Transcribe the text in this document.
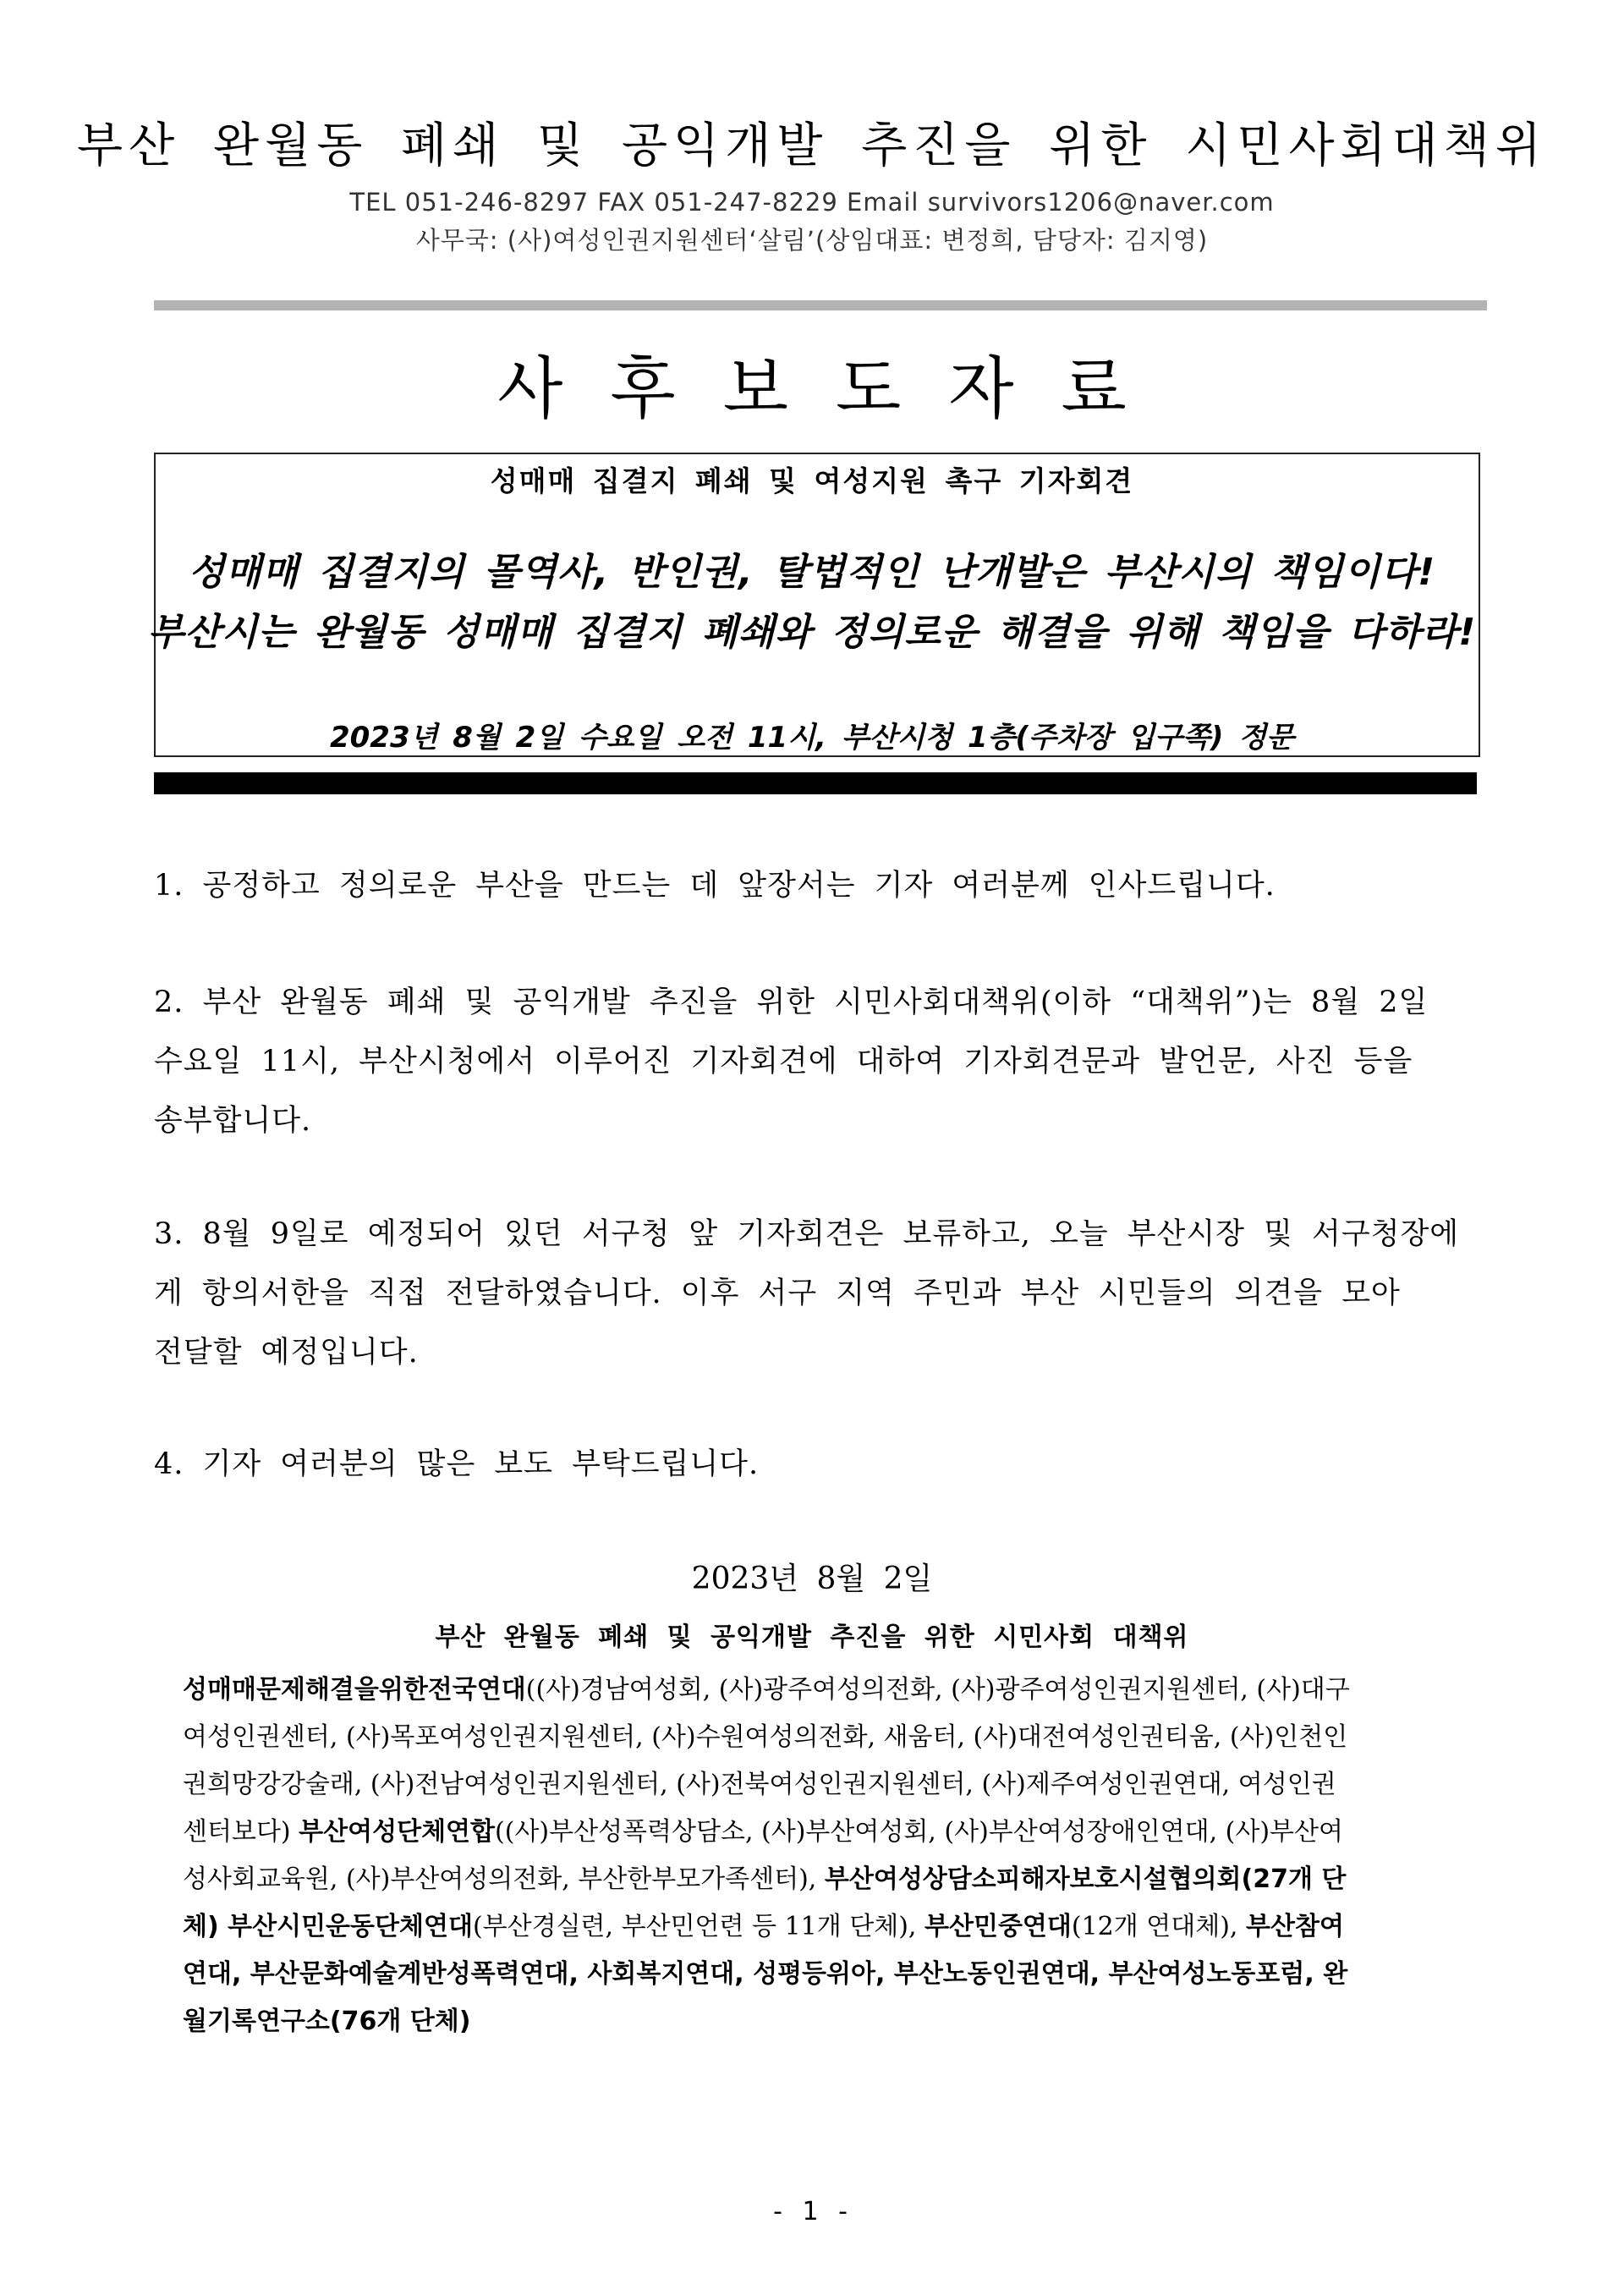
부산 완월동 폐쇄 및 공익개발 추진을 위한 시민사회대책위
TEL 051-246-8297 FAX 051-247-8229 Email survivors1206@naver.com
사무국: (사)여성인권지원센터‘살림’(상임대표: 변정희, 담당자: 김지영)
사후보도자료
성매매 집결지 폐쇄 및 여성지원 촉구 기자회견
성매매 집결지의 몰역사, 반인권, 탈법적인 난개발은 부산시의 책임이다!
부산시는 완월동 성매매 집결지 폐쇄와 정의로운 해결을 위해 책임을 다하라!
2023년 8월 2일 수요일 오전 11시, 부산시청 1층(주차장 입구쪽) 정문
1. 공정하고 정의로운 부산을 만드는 데 앞장서는 기자 여러분께 인사드립니다.
2. 부산 완월동 폐쇄 및 공익개발 추진을 위한 시민사회대책위(이하 “대책위”)는 8월 2일
수요일 11시, 부산시청에서 이루어진 기자회견에 대하여 기자회견문과 발언문, 사진 등을
송부합니다.
3. 8월 9일로 예정되어 있던 서구청 앞 기자회견은 보류하고, 오늘 부산시장 및 서구청장에
게 항의서한을 직접 전달하였습니다. 이후 서구 지역 주민과 부산 시민들의 의견을 모아
전달할 예정입니다.
4. 기자 여러분의 많은 보도 부탁드립니다.
2023년 8월 2일
부산 완월동 폐쇄 및 공익개발 추진을 위한 시민사회 대책위
성매매문제해결을위한전국연대((사)경남여성회, (사)광주여성의전화, (사)광주여성인권지원센터, (사)대구
여성인권센터, (사)목포여성인권지원센터, (사)수원여성의전화, 새움터, (사)대전여성인권티움, (사)인천인
권희망강강술래, (사)전남여성인권지원센터, (사)전북여성인권지원센터, (사)제주여성인권연대, 여성인권
센터보다) 부산여성단체연합((사)부산성폭력상담소, (사)부산여성회, (사)부산여성장애인연대, (사)부산여
성사회교육원, (사)부산여성의전화, 부산한부모가족센터), 부산여성상담소피해자보호시설협의회(27개 단
체) 부산시민운동단체연대(부산경실련, 부산민언련 등 11개 단체), 부산민중연대(12개 연대체), 부산참여
연대, 부산문화예술계반성폭력연대, 사회복지연대, 성평등위아, 부산노동인권연대, 부산여성노동포럼, 완
월기록연구소(76개 단체)
- 1 -
